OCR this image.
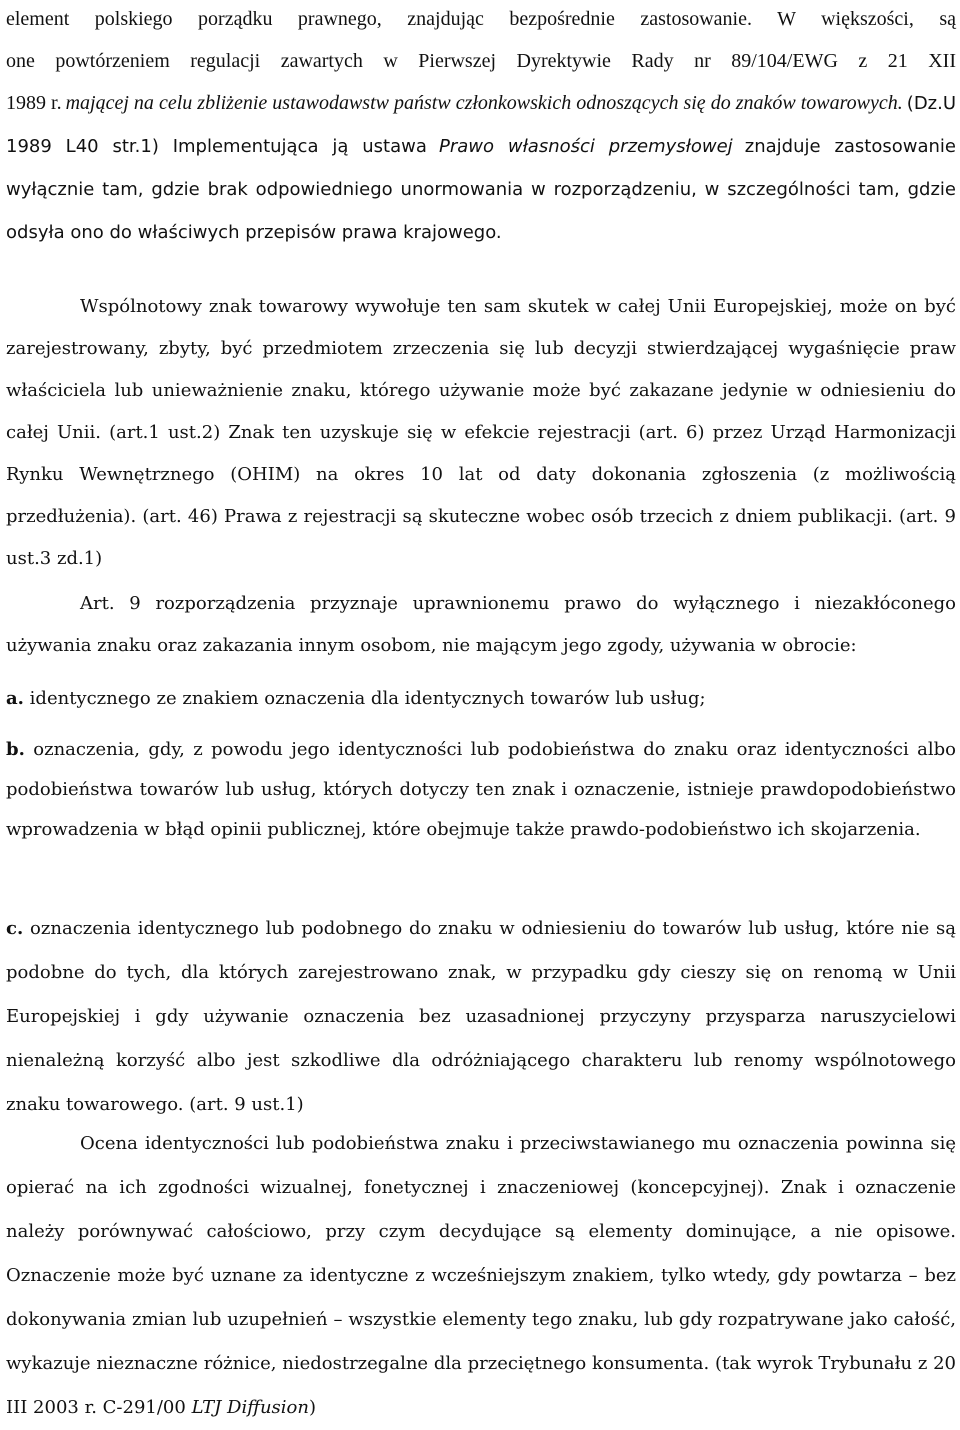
element polskiego porządku prawnego, znajdując bezpośrednie zastosowanie. W większości, są
one powtórzeniem regulacji zawartych w Pierwszej Dyrektywie Rady nr 89/104/EWG z 21 XII
1989 r. mającej na celu zbliżenie ustawodawstw państw członkowskich odnoszących się do znaków towarowych. (Dz.U 1989 L40 str.1) Implementująca ją ustawa Prawo własności przemysłowej znajduje zastosowanie wyłącznie tam, gdzie brak odpowiedniego unormowania w rozporządzeniu, w szczególności tam, gdzie odsyła ono do właściwych przepisów prawa krajowego.

Wspólnotowy znak towarowy wywołuje ten sam skutek w całej Unii Europejskiej, może on być zarejestrowany, zbyty, być przedmiotem zrzeczenia się lub decyzji stwierdzającej wygaśnięcie praw właściciela lub unieważnienie znaku, którego używanie może być zakazane jedynie w odniesieniu do całej Unii. (art.1 ust.2) Znak ten uzyskuje się w efekcie rejestracji (art. 6) przez Urząd Harmonizacji Rynku Wewnętrznego (OHIM) na okres 10 lat od daty dokonania zgłoszenia (z możliwością przedłużenia). (art. 46) Prawa z rejestracji są skuteczne wobec osób trzecich z dniem publikacji. (art. 9 ust.3 zd.1)

Art. 9 rozporządzenia przyznaje uprawnionemu prawo do wyłącznego i niezakłóconego używania znaku oraz zakazania innym osobom, nie mającym jego zgody, używania w obrocie:

a. identycznego ze znakiem oznaczenia dla identycznych towarów lub usług;

b. oznaczenia, gdy, z powodu jego identyczności lub podobieństwa do znaku oraz identyczności albo podobieństwa towarów lub usług, których dotyczy ten znak i oznaczenie, istnieje prawdopodobieństwo wprowadzenia w błąd opinii publicznej, które obejmuje także prawdo-podobieństwo ich skojarzenia.

c. oznaczenia identycznego lub podobnego do znaku w odniesieniu do towarów lub usług, które nie są podobne do tych, dla których zarejestrowano znak, w przypadku gdy cieszy się on renomą w Unii Europejskiej i gdy używanie oznaczenia bez uzasadnionej przyczyny przysparza naruszycielowi nienależną korzyść albo jest szkodliwe dla odróżniającego charakteru lub renomy wspólnotowego znaku towarowego. (art. 9 ust.1)

Ocena identyczności lub podobieństwa znaku i przeciwstawianego mu oznaczenia powinna się opierać na ich zgodności wizualnej, fonetycznej i znaczeniowej (koncepcyjnej). Znak i oznaczenie należy porównywać całościowo, przy czym decydujące są elementy dominujące, a nie opisowe. Oznaczenie może być uznane za identyczne z wcześniejszym znakiem, tylko wtedy, gdy powtarza – bez dokonywania zmian lub uzupełnień – wszystkie elementy tego znaku, lub gdy rozpatrywane jako całość, wykazuje nieznaczne różnice, niedostrzegalne dla przeciętnego konsumenta. (tak wyrok Trybunału z 20 III 2003 r. C-291/00 LTJ Diffusion)
